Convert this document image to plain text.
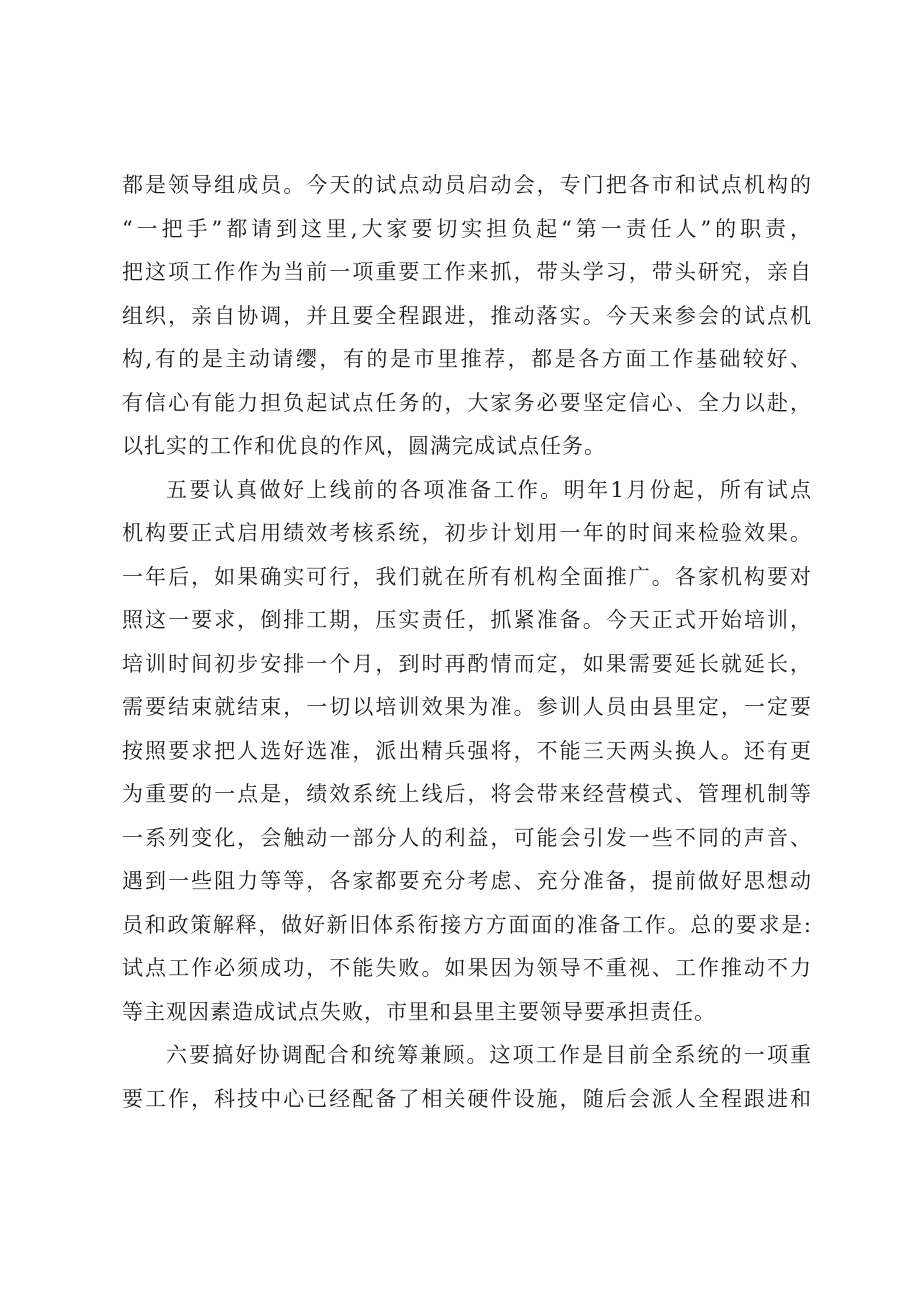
都是领导组成员。今天的试点动员启动会，专门把各市和试点机构的
“一把手”都请到这里,大家要切实担负起“第一责任人”的职责，
把这项工作作为当前一项重要工作来抓，带头学习，带头研究，亲自
组织，亲自协调，并且要全程跟进，推动落实。今天来参会的试点机
构,有的是主动请缨，有的是市里推荐，都是各方面工作基础较好、
有信心有能力担负起试点任务的，大家务必要坚定信心、全力以赴，
以扎实的工作和优良的作风，圆满完成试点任务。
五要认真做好上线前的各项准备工作。明年1月份起，所有试点
机构要正式启用绩效考核系统，初步计划用一年的时间来检验效果。
一年后，如果确实可行，我们就在所有机构全面推广。各家机构要对
照这一要求，倒排工期，压实责任，抓紧准备。今天正式开始培训，
培训时间初步安排一个月，到时再酌情而定，如果需要延长就延长，
需要结束就结束，一切以培训效果为准。参训人员由县里定，一定要
按照要求把人选好选准，派出精兵强将，不能三天两头换人。还有更
为重要的一点是，绩效系统上线后，将会带来经营模式、管理机制等
一系列变化，会触动一部分人的利益，可能会引发一些不同的声音、
遇到一些阻力等等，各家都要充分考虑、充分准备，提前做好思想动
员和政策解释，做好新旧体系衔接方方面面的准备工作。总的要求是:
试点工作必须成功，不能失败。如果因为领导不重视、工作推动不力
等主观因素造成试点失败，市里和县里主要领导要承担责任。
六要搞好协调配合和统筹兼顾。这项工作是目前全系统的一项重
要工作，科技中心已经配备了相关硬件设施，随后会派人全程跟进和
